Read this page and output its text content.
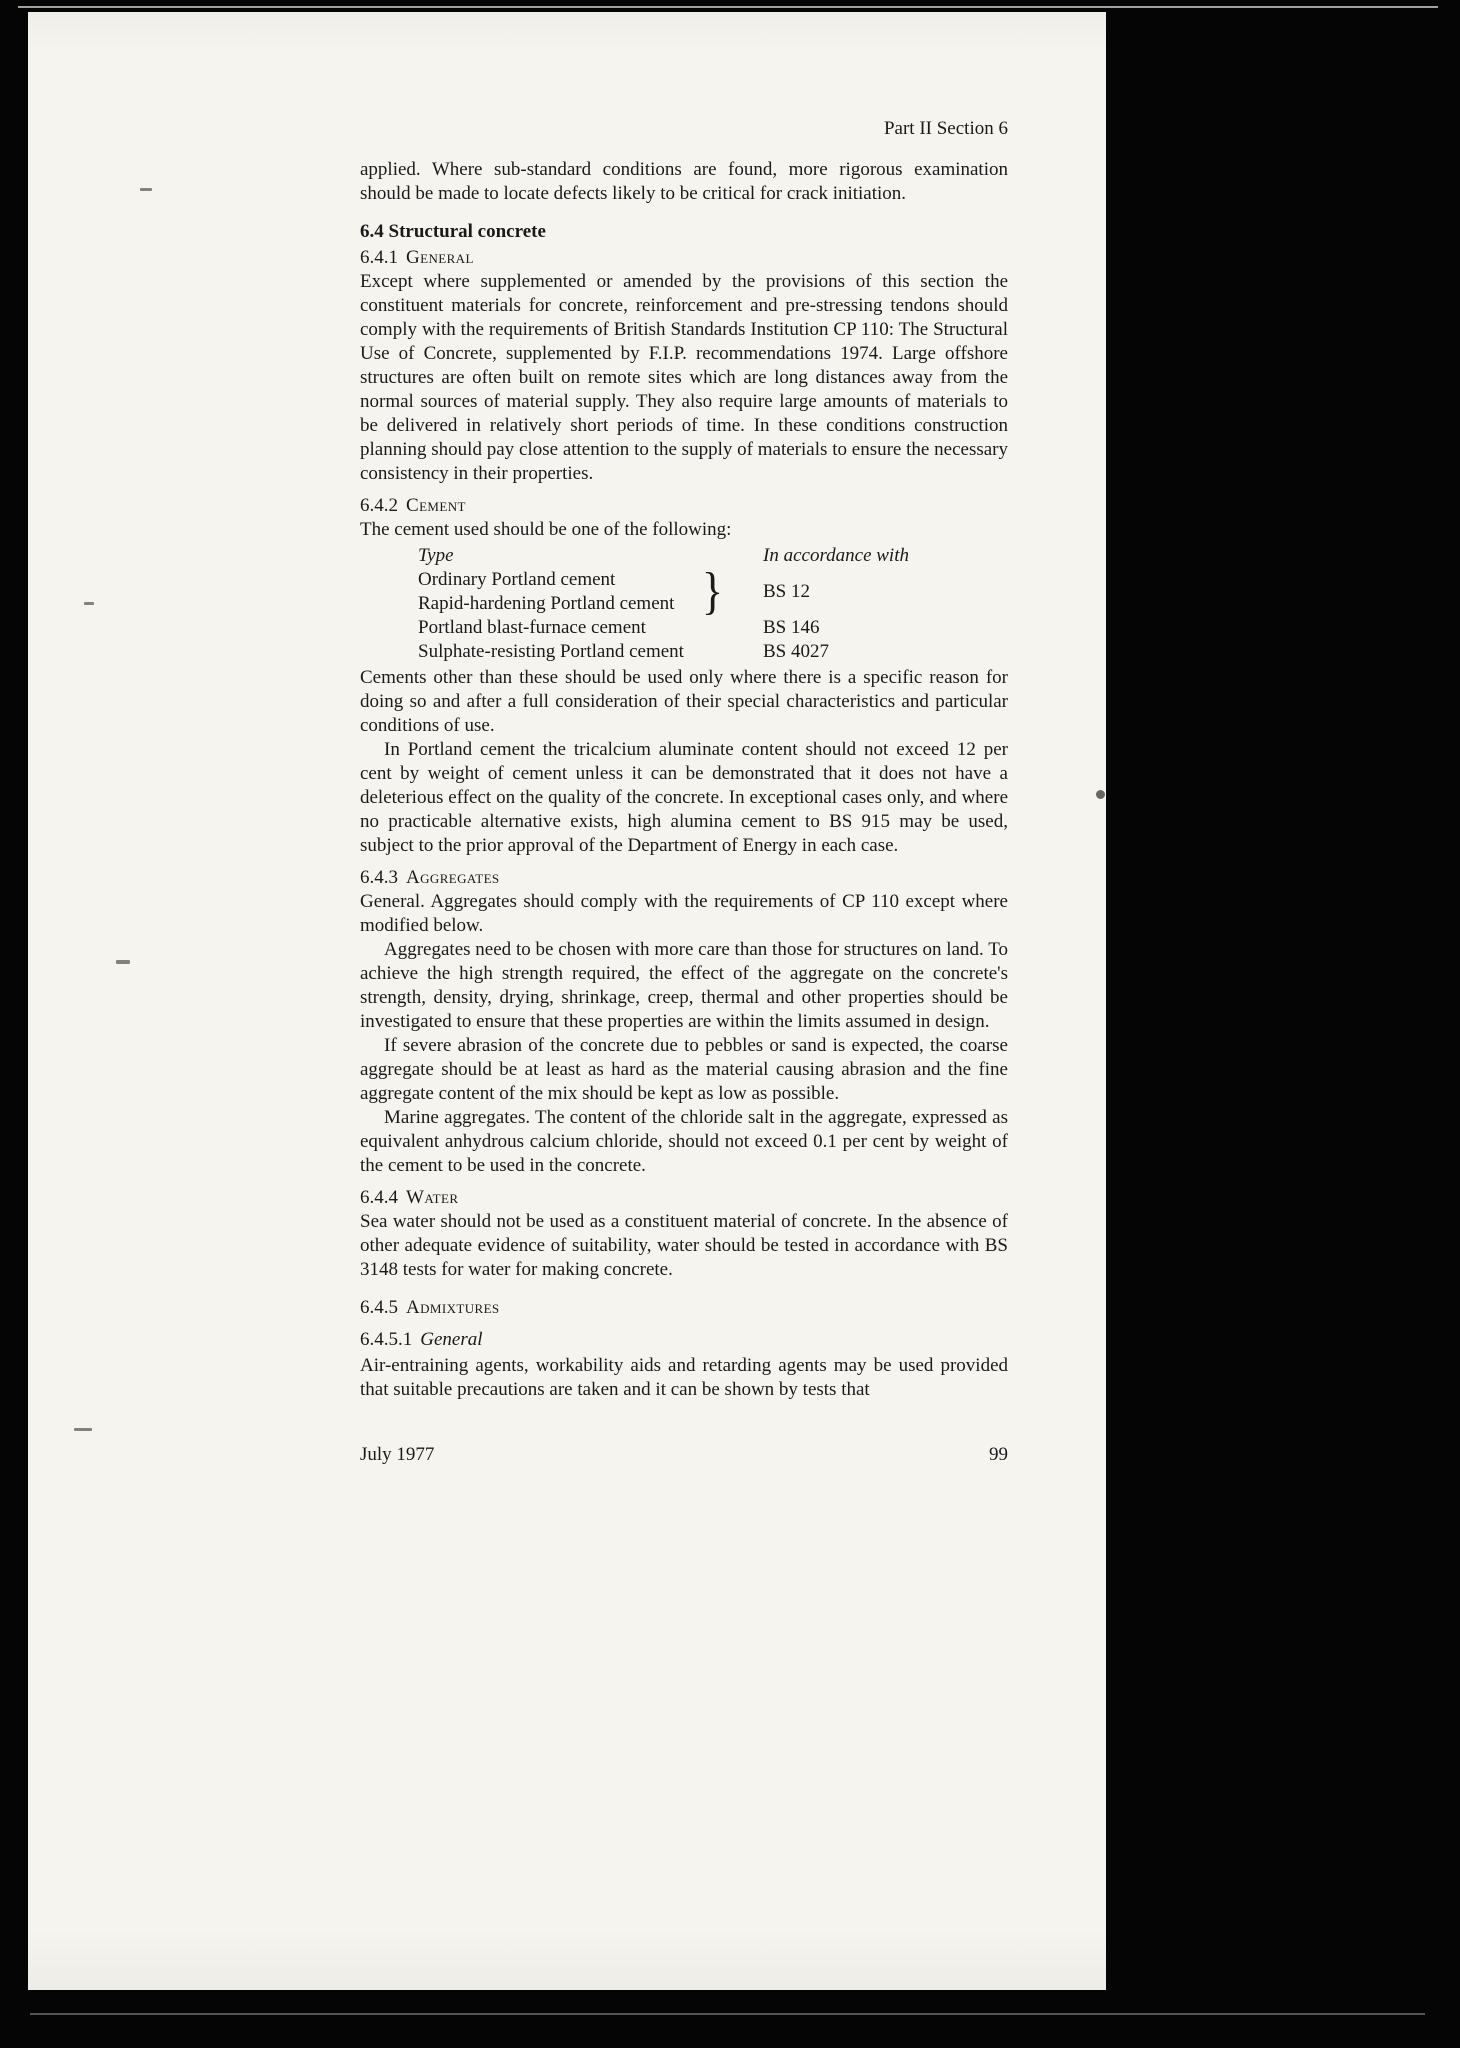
Part II Section 6

applied. Where sub-standard conditions are found, more rigorous examination should be made to locate defects likely to be critical for crack initiation.

6.4 Structural concrete
6.4.1 General

Except where supplemented or amended by the provisions of this section the constituent materials for concrete, reinforcement and pre-stressing tendons should comply with the requirements of British Standards Institution CP 110: The Structural Use of Concrete, supplemented by F.I.P. recommendations 1974. Large offshore structures are often built on remote sites which are long distances away from the normal sources of material supply. They also require large amounts of materials to be delivered in relatively short periods of time. In these conditions construction planning should pay close attention to the supply of materials to ensure the necessary consistency in their properties.

6.4.2 Cement

The cement used should be one of the following:

Type	In accordance with
Ordinary Portland cement
Rapid-hardening Portland cement } BS 12
Portland blast-furnace cement	BS 146
Sulphate-resisting Portland cement	BS 4027

Cements other than these should be used only where there is a specific reason for doing so and after a full consideration of their special characteristics and particular conditions of use.

In Portland cement the tricalcium aluminate content should not exceed 12 per cent by weight of cement unless it can be demonstrated that it does not have a deleterious effect on the quality of the concrete. In exceptional cases only, and where no practicable alternative exists, high alumina cement to BS 915 may be used, subject to the prior approval of the Department of Energy in each case.

6.4.3 Aggregates

General. Aggregates should comply with the requirements of CP 110 except where modified below.

Aggregates need to be chosen with more care than those for structures on land. To achieve the high strength required, the effect of the aggregate on the concrete's strength, density, drying, shrinkage, creep, thermal and other properties should be investigated to ensure that these properties are within the limits assumed in design.

If severe abrasion of the concrete due to pebbles or sand is expected, the coarse aggregate should be at least as hard as the material causing abrasion and the fine aggregate content of the mix should be kept as low as possible.

Marine aggregates. The content of the chloride salt in the aggregate, expressed as equivalent anhydrous calcium chloride, should not exceed 0.1 per cent by weight of the cement to be used in the concrete.

6.4.4 Water

Sea water should not be used as a constituent material of concrete. In the absence of other adequate evidence of suitability, water should be tested in accordance with BS 3148 tests for water for making concrete.

6.4.5 Admixtures
6.4.5.1 General

Air-entraining agents, workability aids and retarding agents may be used provided that suitable precautions are taken and it can be shown by tests that

July 1977	99
